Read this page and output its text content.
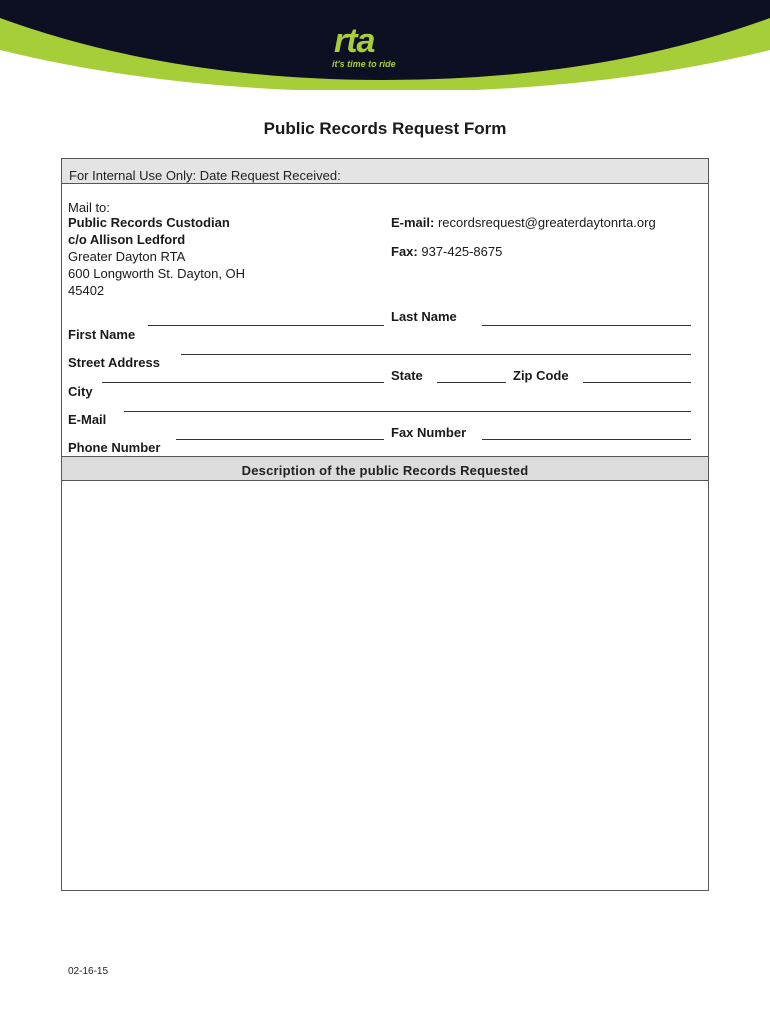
rta
it's time to ride
Public Records Request Form
For Internal Use Only: Date Request Received:
Mail to:
Public Records Custodian
c/o Allison Ledford
Greater Dayton RTA
600 Longworth St. Dayton, OH
45402
E-mail: recordsrequest@greaterdaytonrta.org
Fax: 937-425-8675
Last Name
First Name
Street Address
State	Zip Code
City
E-Mail
Fax Number
Phone Number
Description of the public Records Requested
02-16-15
